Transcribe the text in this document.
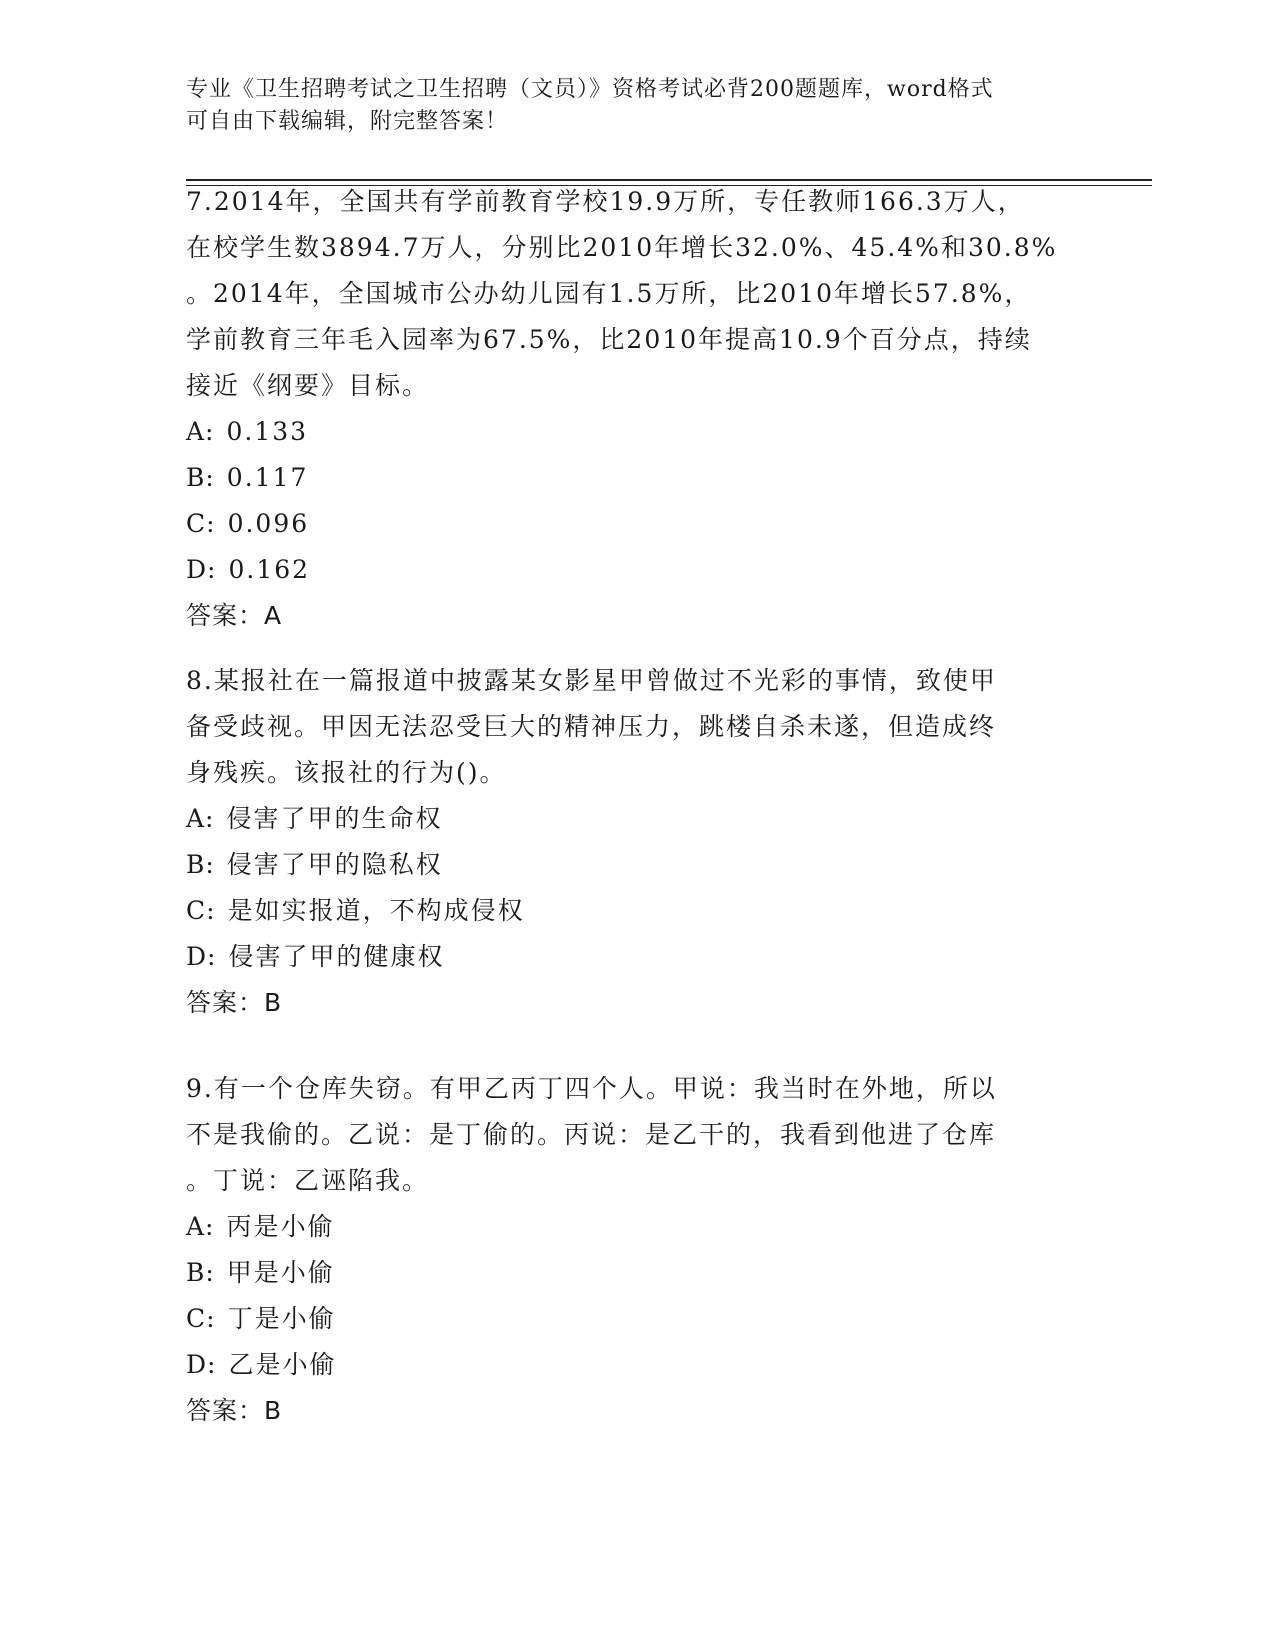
专业《卫生招聘考试之卫生招聘（文员）》资格考试必背200题题库，word格式
可自由下载编辑，附完整答案！
7.2014年，全国共有学前教育学校19.9万所，专任教师166.3万人，
在校学生数3894.7万人，分别比2010年增长32.0%、45.4%和30.8%
。2014年，全国城市公办幼儿园有1.5万所，比2010年增长57.8%，
学前教育三年毛入园率为67.5%，比2010年提高10.9个百分点，持续
接近《纲要》目标。
A: 0.133
B: 0.117
C: 0.096
D: 0.162
答案：A
8.某报社在一篇报道中披露某女影星甲曾做过不光彩的事情，致使甲
备受歧视。甲因无法忍受巨大的精神压力，跳楼自杀未遂，但造成终
身残疾。该报社的行为()。
A: 侵害了甲的生命权
B: 侵害了甲的隐私权
C: 是如实报道，不构成侵权
D: 侵害了甲的健康权
答案：B
9.有一个仓库失窃。有甲乙丙丁四个人。甲说：我当时在外地，所以
不是我偷的。乙说：是丁偷的。丙说：是乙干的，我看到他进了仓库
。丁说：乙诬陷我。
A: 丙是小偷
B: 甲是小偷
C: 丁是小偷
D: 乙是小偷
答案：B
